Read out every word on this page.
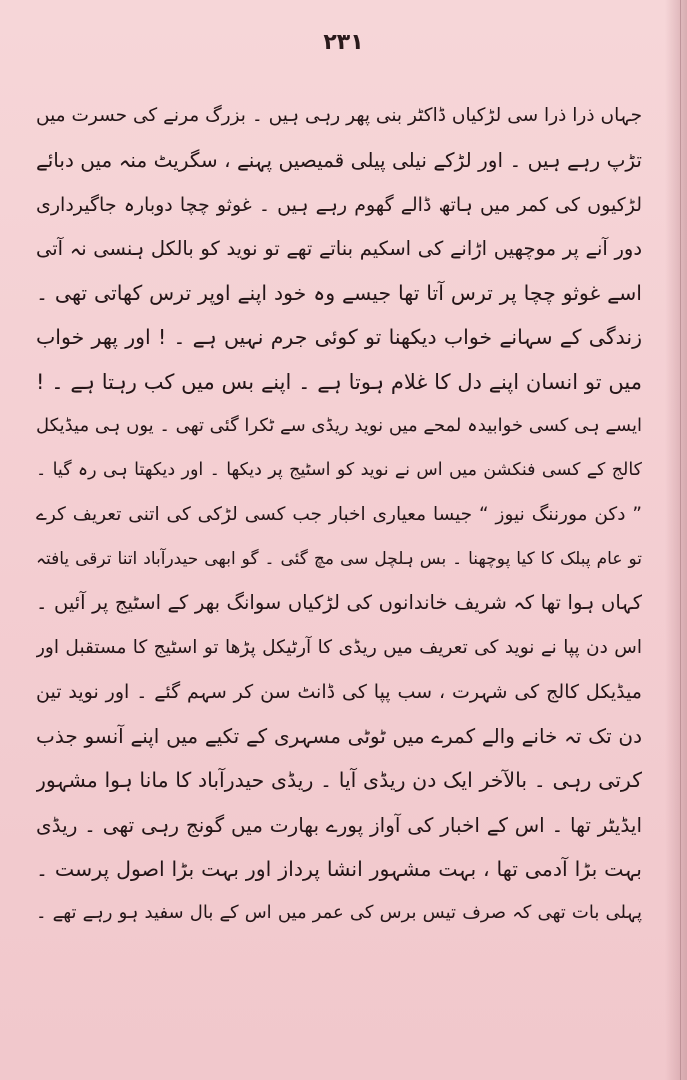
۲۳۱
جہاں ذرا ذرا سی لڑکیاں ڈاکٹر بنی پھر رہی ہیں ۔ بزرگ مرنے کی حسرت میں
تڑپ رہے ہیں ۔ اور لڑکے نیلی پیلی قمیصیں پہنے ، سگریٹ منہ میں دبائے
لڑکیوں کی کمر میں ہاتھ ڈالے گھوم رہے ہیں ۔ غوثو چچا دوبارہ جاگیرداری
دور آنے پر موچھیں اڑانے کی اسکیم بناتے تھے تو نوید کو بالکل ہنسی نہ آتی
اسے غوثو چچا پر ترس آتا تھا جیسے وہ خود اپنے اوپر ترس کھاتی تھی ۔
زندگی کے سہانے خواب دیکھنا تو کوئی جرم نہیں ہے ۔ ! اور پھر خواب
میں تو انسان اپنے دل کا غلام ہوتا ہے ۔ اپنے بس میں کب رہتا ہے ۔ !
ایسے ہی کسی خوابیدہ لمحے میں نوید ریڈی سے ٹکرا گئی تھی ۔ یوں ہی میڈیکل
کالج کے کسی فنکشن میں اس نے نوید کو اسٹیج پر دیکھا ۔ اور دیکھتا ہی رہ گیا ۔
” دکن مورننگ نیوز “ جیسا معیاری اخبار جب کسی لڑکی کی اتنی تعریف کرے
تو عام پبلک کا کیا پوچھنا ۔ بس ہلچل سی مچ گئی ۔ گو ابھی حیدرآباد اتنا ترقی یافتہ
کہاں ہوا تھا کہ شریف خاندانوں کی لڑکیاں سوانگ بھر کے اسٹیج پر آئیں ۔
اس دن پپا نے نوید کی تعریف میں ریڈی کا آرٹیکل پڑھا تو اسٹیج کا مستقبل اور
میڈیکل کالج کی شہرت ، سب پپا کی ڈانٹ سن کر سہم گئے ۔ اور نوید تین
دن تک تہ خانے والے کمرے میں ٹوٹی مسہری کے تکیے میں اپنے آنسو جذب
کرتی رہی ۔ بالآخر ایک دن ریڈی آیا ۔ ریڈی حیدرآباد کا مانا ہوا مشہور
ایڈیٹر تھا ۔ اس کے اخبار کی آواز پورے بھارت میں گونج رہی تھی ۔ ریڈی
بہت بڑا آدمی تھا ، بہت مشہور انشا پرداز اور بہت بڑا اصول پرست ۔
پہلی بات تھی کہ صرف تیس برس کی عمر میں اس کے بال سفید ہو رہے تھے ۔
